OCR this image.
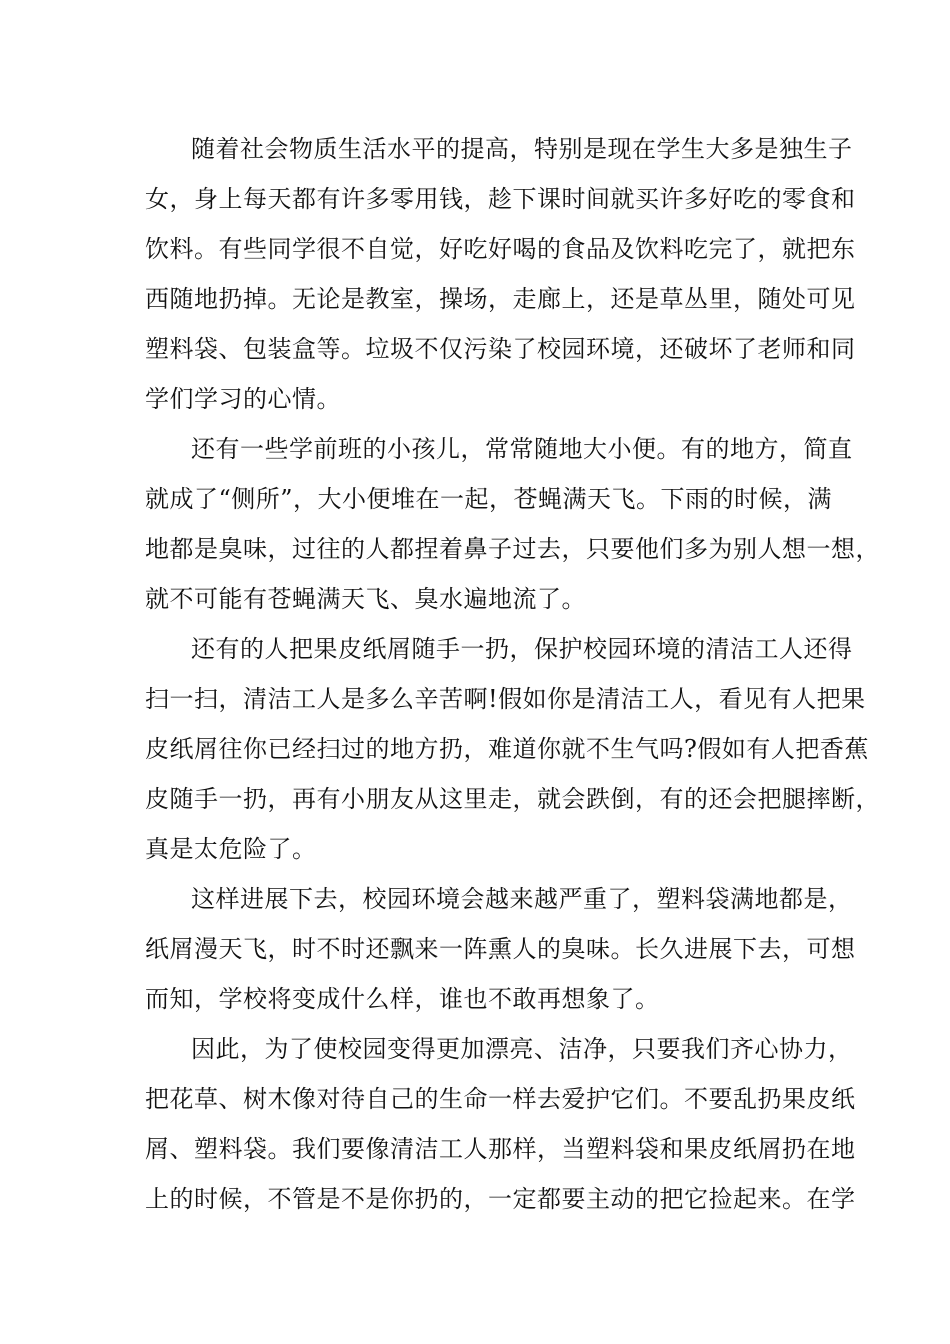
随着社会物质生活水平的提高，特别是现在学生大多是独生子
女，身上每天都有许多零用钱，趁下课时间就买许多好吃的零食和
饮料。有些同学很不自觉，好吃好喝的食品及饮料吃完了，就把东
西随地扔掉。无论是教室，操场，走廊上，还是草丛里，随处可见
塑料袋、包装盒等。垃圾不仅污染了校园环境，还破坏了老师和同
学们学习的心情。
还有一些学前班的小孩儿，常常随地大小便。有的地方，简直
就成了“侧所”，大小便堆在一起，苍蝇满天飞。下雨的时候，满
地都是臭味，过往的人都捏着鼻子过去，只要他们多为别人想一想，
就不可能有苍蝇满天飞、臭水遍地流了。
还有的人把果皮纸屑随手一扔，保护校园环境的清洁工人还得
扫一扫，清洁工人是多么辛苦啊!假如你是清洁工人，看见有人把果
皮纸屑往你已经扫过的地方扔，难道你就不生气吗?假如有人把香蕉
皮随手一扔，再有小朋友从这里走，就会跌倒，有的还会把腿摔断，
真是太危险了。
这样进展下去，校园环境会越来越严重了，塑料袋满地都是，
纸屑漫天飞，时不时还飘来一阵熏人的臭味。长久进展下去，可想
而知，学校将变成什么样，谁也不敢再想象了。
因此，为了使校园变得更加漂亮、洁净，只要我们齐心协力，
把花草、树木像对待自己的生命一样去爱护它们。不要乱扔果皮纸
屑、塑料袋。我们要像清洁工人那样，当塑料袋和果皮纸屑扔在地
上的时候，不管是不是你扔的，一定都要主动的把它捡起来。在学
